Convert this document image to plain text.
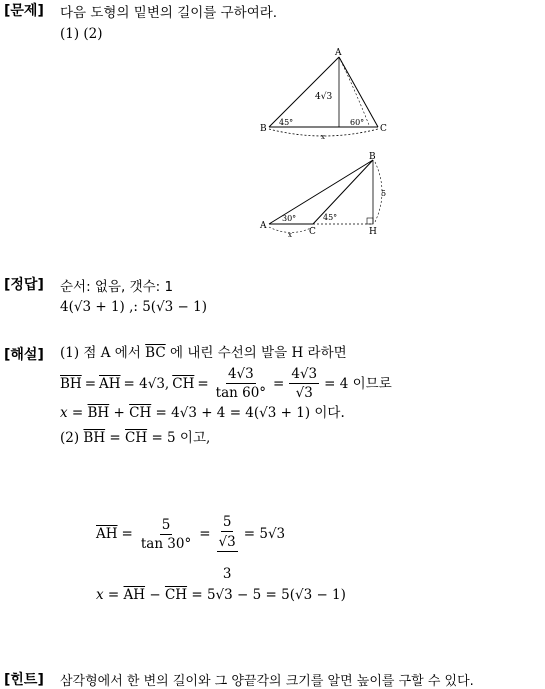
[문제] 다음 도형의 밑변의 길이를 구하여라.
(1) (2)
A
B	C
4√3
45°	60°
x
A
B
C	H
5
30°	45°
x
[정답] 순서: 없음, 갯수: 1
4(√3 + 1) ,: 5(√3 − 1)
[해설] (1) 점 A 에서 $\overline{BC}$ 에 내린 수선의 발을 H 라하면
$\overline{BH} = \overline{AH} = 4√3$, $\overline{CH} = \frac{4√3}{\tan 60^\circ} = \frac{4√3}{√3} = 4$ 이므로
$x = \overline{BH} + \overline{CH} = 4√3 + 4 = 4(√3 + 1)$ 이다.
(2) $\overline{BH} = \overline{CH} = 5$ 이고,
$\overline{AH} = \frac{5}{\tan 30^\circ} = \frac{5}{\frac{√3}{3}} = 5√3$
$x = \overline{AH} - \overline{CH} = 5√3 - 5 = 5(√3 - 1)$
[힌트] 삼각형에서 한 변의 길이와 그 양끝각의 크기를 알면 높이를 구할 수 있다.
